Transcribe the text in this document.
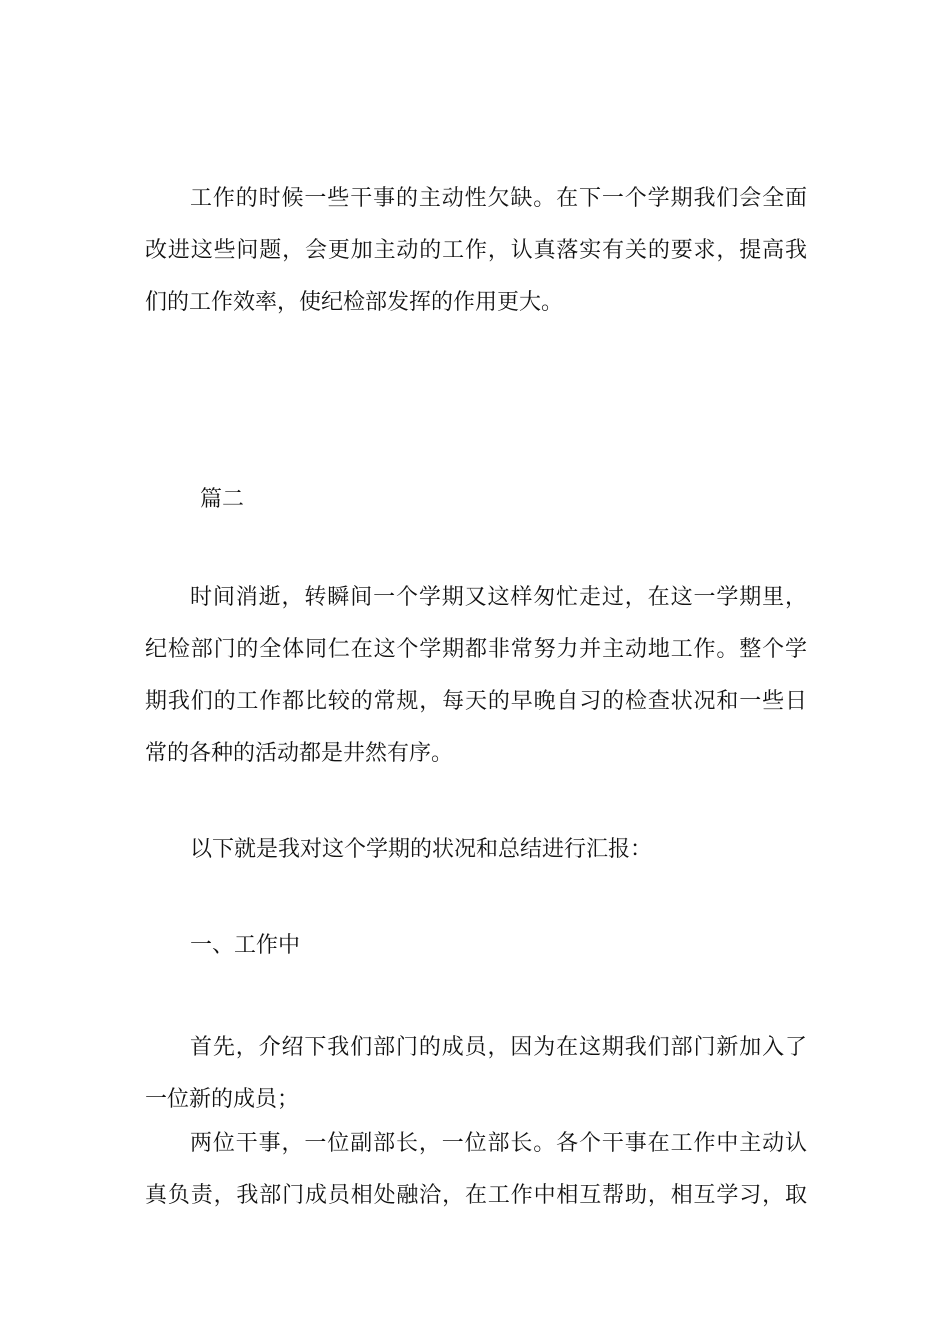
工作的时候一些干事的主动性欠缺。在下一个学期我们会全面
改进这些问题，会更加主动的工作，认真落实有关的要求，提高我
们的工作效率，使纪检部发挥的作用更大。
篇二
时间消逝，转瞬间一个学期又这样匆忙走过，在这一学期里，
纪检部门的全体同仁在这个学期都非常努力并主动地工作。整个学
期我们的工作都比较的常规，每天的早晚自习的检查状况和一些日
常的各种的活动都是井然有序。
以下就是我对这个学期的状况和总结进行汇报：
一、工作中
首先，介绍下我们部门的成员，因为在这期我们部门新加入了
一位新的成员；
两位干事，一位副部长，一位部长。各个干事在工作中主动认
真负责，我部门成员相处融洽，在工作中相互帮助，相互学习，取
